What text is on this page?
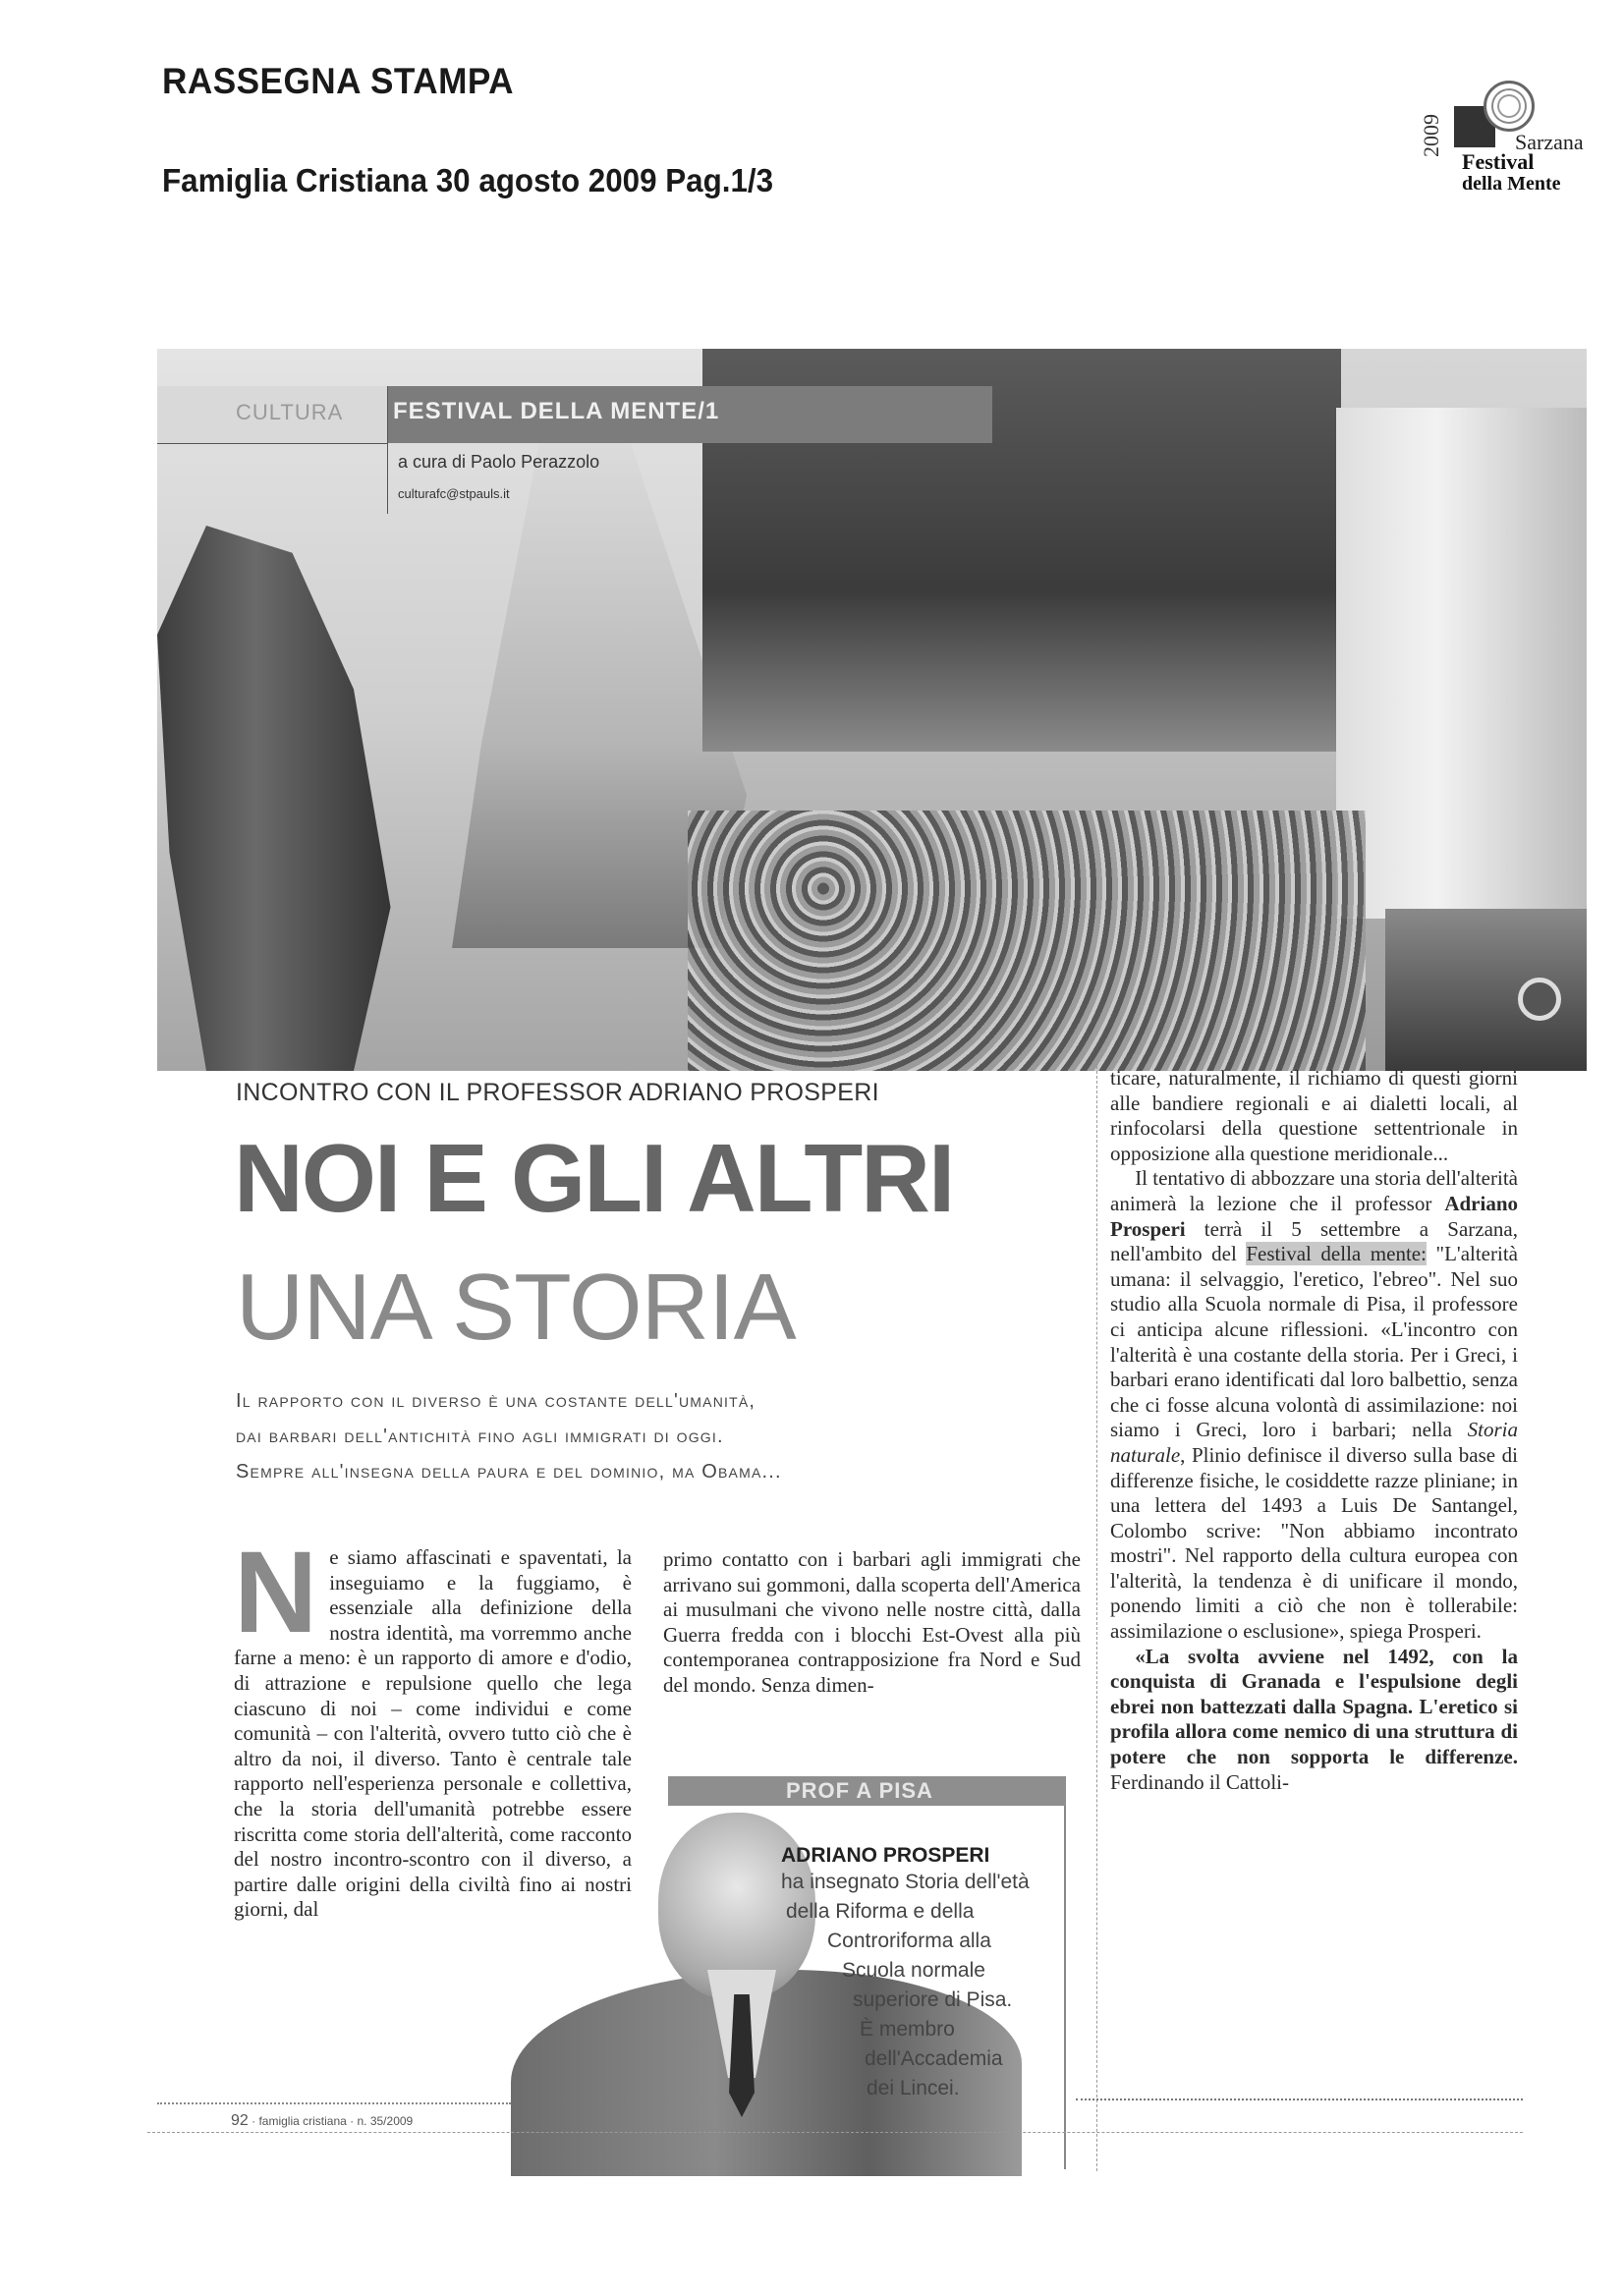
RASSEGNA STAMPA
Famiglia Cristiana 30 agosto 2009 Pag.1/3
2009	Sarzana
Festival
della Mente
CULTURA FESTIVAL DELLA MENTE/1
a cura di Paolo Perazzolo
culturafc@stpauls.it
INCONTRO CON IL PROFESSOR ADRIANO PROSPERI
NOI E GLI ALTRI
UNA STORIA
Il rapporto con il diverso è una costante dell'umanità,
dai barbari dell'antichità fino agli immigrati di oggi.
Sempre all'insegna della paura e del dominio, ma Obama...
N e siamo affascinati e spaventati, la inseguiamo e la fuggiamo, è essenziale alla definizione della nostra identità, ma vorremmo anche farne a meno: è un rapporto di amore e d'odio, di attrazione e repulsione quello che lega ciascuno di noi – come individui e come comunità – con l'alterità, ovvero tutto ciò che è altro da noi, il diverso. Tanto è centrale tale rapporto nell'esperienza personale e collettiva, che la storia dell'umanità potrebbe essere riscritta come storia dell'alterità, come racconto del nostro incontro-scontro con il diverso, a partire dalle origini della civiltà fino ai nostri giorni, dal
primo contatto con i barbari agli immigrati che arrivano sui gommoni, dalla scoperta dell'America ai musulmani che vivono nelle nostre città, dalla Guerra fredda con i blocchi Est-Ovest alla più contemporanea contrapposizione fra Nord e Sud del mondo. Senza dimen-
PROF A PISA
ADRIANO PROSPERI
ha insegnato Storia dell'età
della Riforma e della
Controriforma alla
Scuola normale
superiore di Pisa.
È membro
dell'Accademia
dei Lincei.

ticare, naturalmente, il richiamo di questi giorni alle bandiere regionali e ai dialetti locali, al rinfocolarsi della questione settentrionale in opposizione alla questione meridionale...

Il tentativo di abbozzare una storia dell'alterità animerà la lezione che il professor Adriano Prosperi terrà il 5 settembre a Sarzana, nell'ambito del Festival della mente: "L'alterità umana: il selvaggio, l'eretico, l'ebreo". Nel suo studio alla Scuola normale di Pisa, il professore ci anticipa alcune riflessioni. «L'incontro con l'alterità è una costante della storia. Per i Greci, i barbari erano identificati dal loro balbettio, senza che ci fosse alcuna volontà di assimilazione: noi siamo i Greci, loro i barbari; nella Storia naturale, Plinio definisce il diverso sulla base di differenze fisiche, le cosiddette razze pliniane; in una lettera del 1493 a Luis De Santangel, Colombo scrive: "Non abbiamo incontrato mostri". Nel rapporto della cultura europea con l'alterità, la tendenza è di unificare il mondo, ponendo limiti a ciò che non è tollerabile: assimilazione o esclusione», spiega Prosperi.

«La svolta avviene nel 1492, con la conquista di Granada e l'espulsione degli ebrei non battezzati dalla Spagna. L'eretico si profila allora come nemico di una struttura di potere che non sopporta le differenze. Ferdinando il Cattoli-

92 · famiglia cristiana · n. 35/2009
